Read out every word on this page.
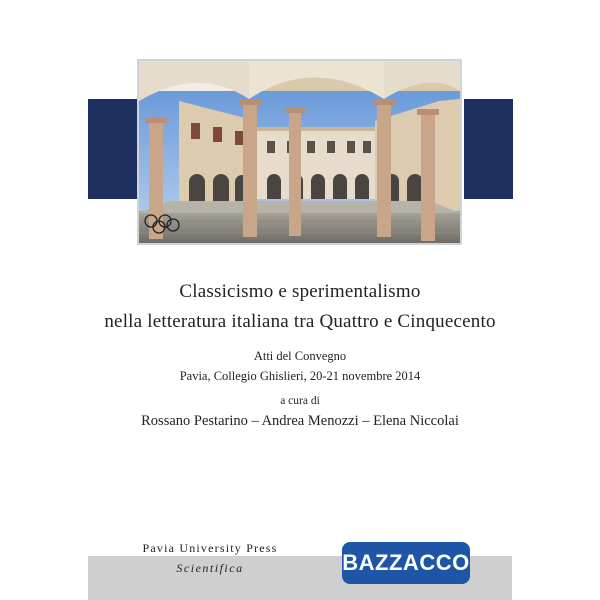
Classicismo e sperimentalismo
nella letteratura italiana tra Quattro e Cinquecento
Atti del Convegno
Pavia, Collegio Ghislieri, 20-21 novembre 2014
a cura di
Rossano Pestarino – Andrea Menozzi – Elena Niccolai
Pavia University Press
Scientifica	BAZZACCO
